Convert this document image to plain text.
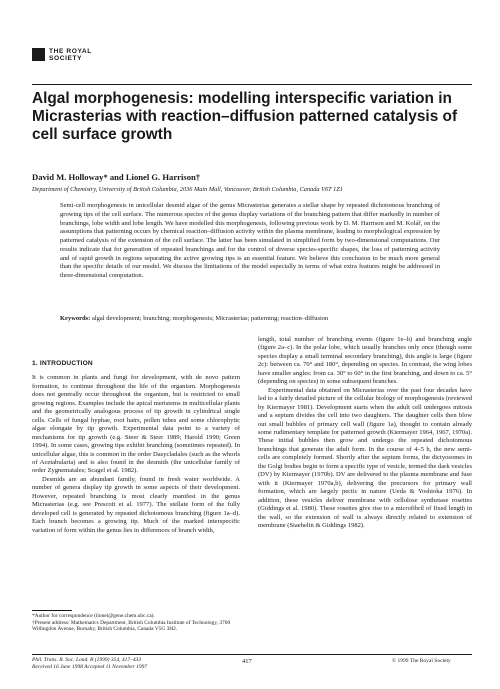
THE ROYAL
SOCIETY
Algal morphogenesis: modelling interspecific variation in Micrasterias with reaction–diffusion patterned catalysis of cell surface growth
David M. Holloway* and Lionel G. Harrison†
Department of Chemistry, University of British Columbia, 2036 Main Mall, Vancouver, British Columbia, Canada V6T 1Z1
Semi-cell morphogenesis in unicellular desmid algae of the genus Micrasterias generates a stellar shape by repeated dichotomous branching of growing tips of the cell surface. The numerous species of the genus display variations of the branching pattern that differ markedly in number of branchings, lobe width and lobe length. We have modelled this morphogenesis, following previous work by D. M. Harrison and M. Kolář, on the assumptions that patterning occurs by chemical reaction–diffusion activity within the plasma membrane, leading to morphological expression by patterned catalysis of the extension of the cell surface. The latter has been simulated in simplified form by two-dimensional computations. Our results indicate that for generation of repeated branchings and for the control of diverse species-specific shapes, the loss of patterning activity and of rapid growth in regions separating the active growing tips is an essential feature. We believe this conclusion to be much more general than the specific details of our model. We discuss the limitations of the model especially in terms of what extra features might be addressed in three-dimensional computation.
Keywords: algal development; branching; morphogenesis; Micrasterias; patterning; reaction–diffusion
1. INTRODUCTION

It is common in plants and fungi for development, with de novo pattern formation, to continue throughout the life of the organism. Morphogenesis does not generally occur throughout the organism, but is restricted to small growing regions. Examples include the apical meristems in multicellular plants and the geometrically analogous process of tip growth in cylindrical single cells. Cells of fungal hyphae, root hairs, pollen tubes and some chlorophytic algae elongate by tip growth. Experimental data point to a variety of mechanisms for tip growth (e.g. Steer & Steer 1989; Harold 1990; Green 1994). In some cases, growing tips exhibit branching (sometimes repeated). In unicellular algae, this is common in the order Dasycladales (such as the whorls of Acetabularia) and is also found in the desmids (the unicellular family of order Zygnematales; Scagel et al. 1982).

Desmids are an abundant family, found in fresh water worldwide. A number of genera display tip growth in some aspects of their development. However, repeated branching is most clearly manifest in the genus Micrasterias (e.g. see Prescott et al. 1977). The stellate form of the fully developed cell is generated by repeated dichotomous branching (figure 1a–d). Each branch becomes a growing tip. Much of the marked interspecific variation of form within the genus lies in differences of branch width,

length, total number of branching events (figure 1e–h) and branching angle (figure 2a–c). In the polar lobe, which usually branches only once (though some species display a small terminal secondary branching), this angle is large (figure 2c): between ca. 70° and 180°, depending on species. In contrast, the wing lobes have smaller angles: from ca. 30° to 60° in the first branching, and down to ca. 5° (depending on species) in some subsequent branches.

Experimental data obtained on Micrasterias over the past four decades have led to a fairly detailed picture of the cellular biology of morphogenesis (reviewed by Kiermayer 1981). Development starts when the adult cell undergoes mitosis and a septum divides the cell into two daughters. The daughter cells then blow out small bubbles of primary cell wall (figure 1a), thought to contain already some rudimentary template for patterned growth (Kiermayer 1964, 1967, 1970a). These initial bubbles then grow and undergo the repeated dichotomous branchings that generate the adult form. In the course of 4–5 h, the new semi-cells are completely formed. Shortly after the septum forms, the dictyosomes in the Golgi bodies begin to form a specific type of vesicle, termed the dark vesicles (DV) by Kiermayer (1970b). DV are delivered to the plasma membrane and fuse with it (Kiermayer 1970a,b), delivering the precursors for primary wall formation, which are largely pectic in nature (Ueda & Yoshioka 1976). In addition, these vesicles deliver membrane with cellulose synthetase rosettes (Giddings et al. 1980). These rosettes give rise to a microfibril of fixed length in the wall, so the extension of wall is always directly related to extension of membrane (Staehelin & Giddings 1982).

*Author for correspondence (lionel@gene.chem.ubc.ca).
†Present address: Mathematics Department, British Columbia Institute of Technology, 3700 Willingdon Avenue, Burnaby, British Columbia, Canada V5G 3H2.
Phil. Trans. R. Soc. Lond. B (1999) 354, 417–433
Received 16 June 1998 Accepted 11 November 1997
417	© 1999 The Royal Society
